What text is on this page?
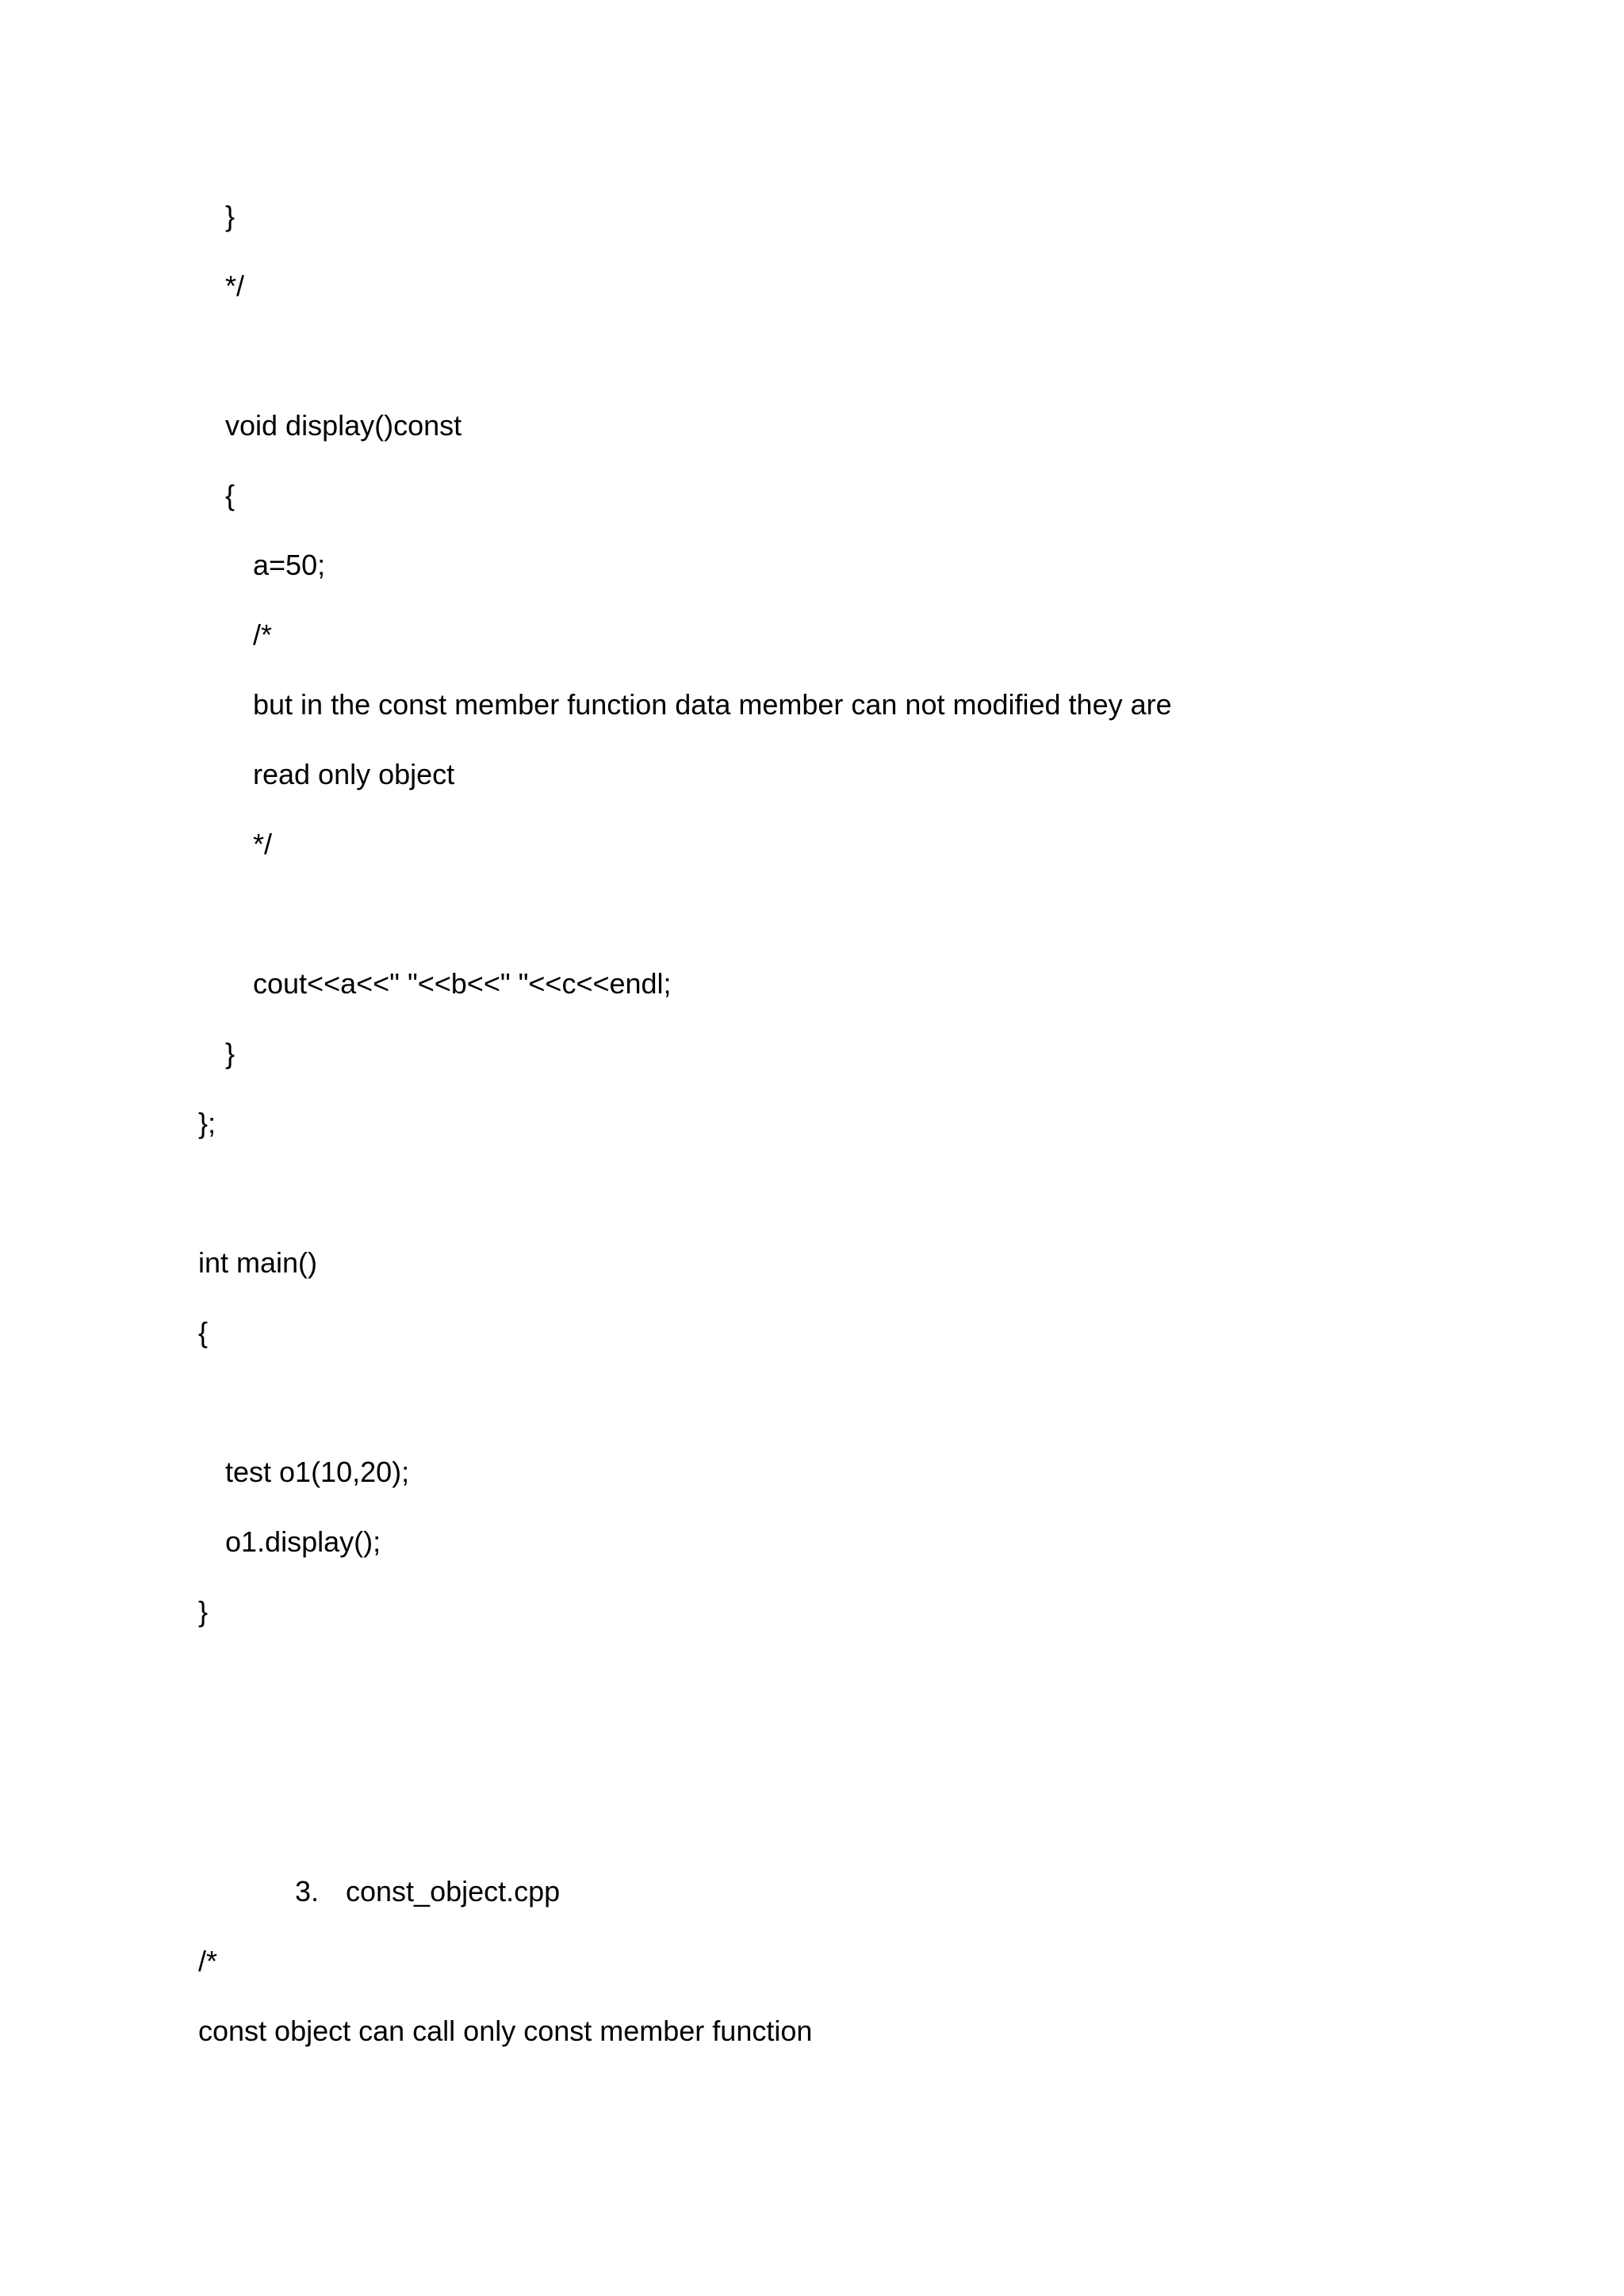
}
*/
void display()const
{
a=50;
/*
but in the const member function data member can not modified they are
read only object
*/
cout<<a<<" "<<b<<" "<<c<<endl;
}
};
int main()
{
test o1(10,20);
o1.display();
}
3. const_object.cpp
/*
const object can call only const member function
